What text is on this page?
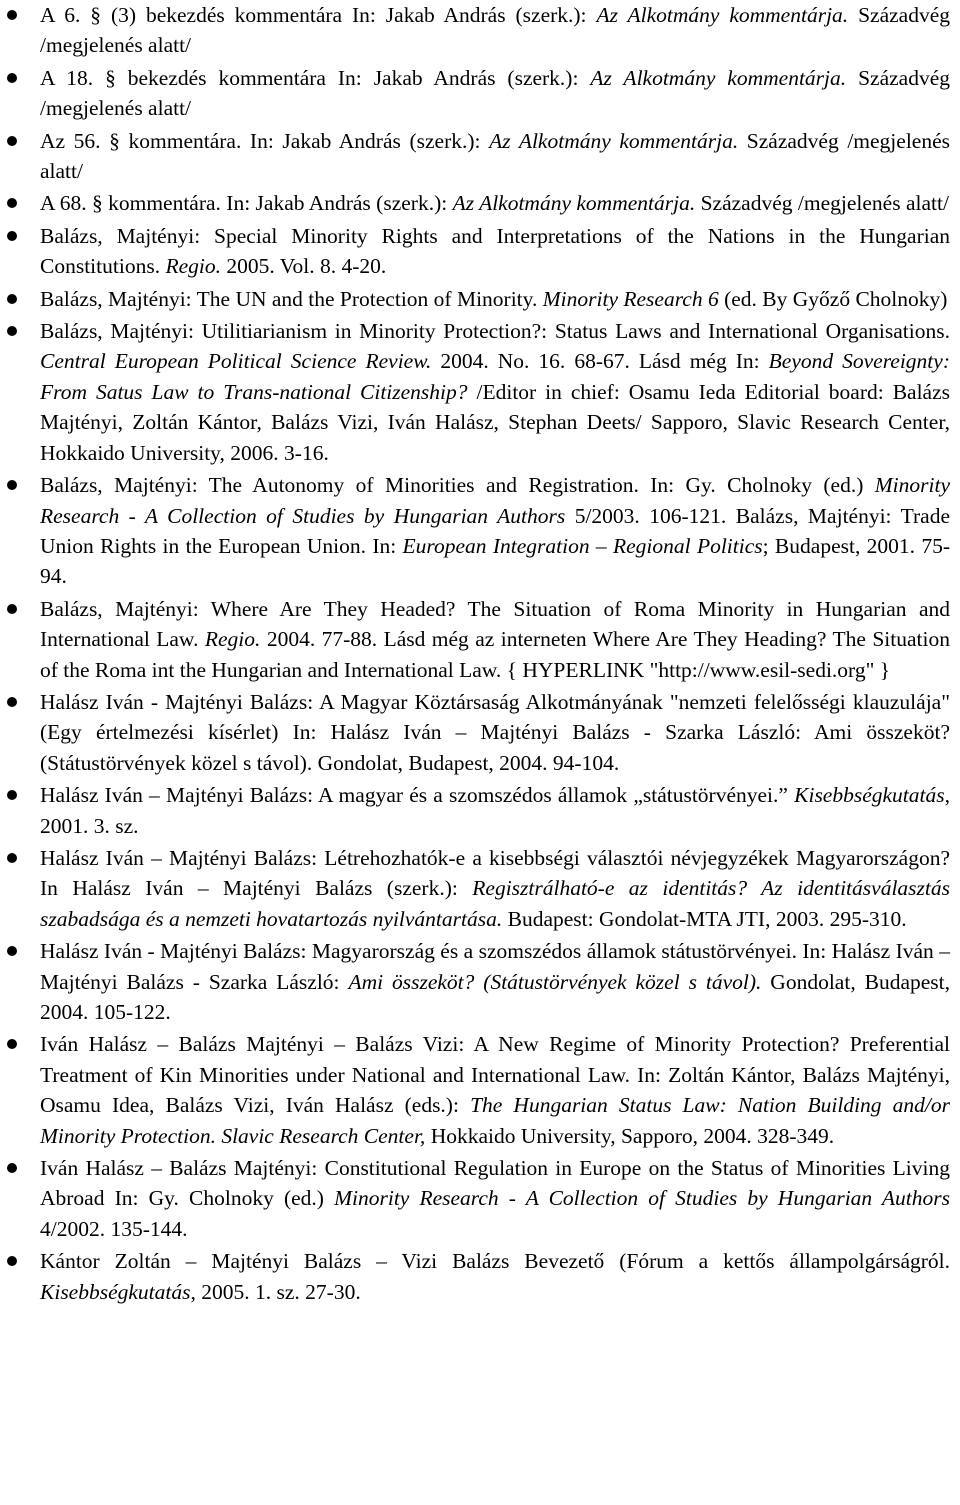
A 6. § (3) bekezdés kommentára In: Jakab András (szerk.): Az Alkotmány kommentárja. Századvég /megjelenés alatt/
A 18. § bekezdés kommentára In: Jakab András (szerk.): Az Alkotmány kommentárja. Századvég /megjelenés alatt/
Az 56. § kommentára. In: Jakab András (szerk.): Az Alkotmány kommentárja. Századvég /megjelenés alatt/
A 68. § kommentára. In: Jakab András (szerk.): Az Alkotmány kommentárja. Századvég /megjelenés alatt/
Balázs, Majtényi: Special Minority Rights and Interpretations of the Nations in the Hungarian Constitutions. Regio. 2005. Vol. 8. 4-20.
Balázs, Majtényi: The UN and the Protection of Minority. Minority Research 6 (ed. By Győző Cholnoky)
Balázs, Majtényi: Utilitiarianism in Minority Protection?: Status Laws and International Organisations. Central European Political Science Review. 2004. No. 16. 68-67. Lásd még In: Beyond Sovereignty: From Satus Law to Trans-national Citizenship? /Editor in chief: Osamu Ieda Editorial board: Balázs Majtényi, Zoltán Kántor, Balázs Vizi, Iván Halász, Stephan Deets/ Sapporo, Slavic Research Center, Hokkaido University, 2006. 3-16.
Balázs, Majtényi: The Autonomy of Minorities and Registration. In: Gy. Cholnoky (ed.) Minority Research - A Collection of Studies by Hungarian Authors 5/2003. 106-121. Balázs, Majtényi: Trade Union Rights in the European Union. In: European Integration – Regional Politics; Budapest, 2001. 75-94.
Balázs, Majtényi: Where Are They Headed? The Situation of Roma Minority in Hungarian and International Law. Regio. 2004. 77-88. Lásd még az interneten Where Are They Heading? The Situation of the Roma int the Hungarian and International Law. { HYPERLINK "http://www.esil-sedi.org" }
Halász Iván - Majtényi Balázs: A Magyar Köztársaság Alkotmányának "nemzeti felelősségi klauzulája" (Egy értelmezési kísérlet) In: Halász Iván – Majtényi Balázs - Szarka László: Ami összeköt? (Státustörvények közel s távol). Gondolat, Budapest, 2004. 94-104.
Halász Iván – Majtényi Balázs: A magyar és a szomszédos államok „státustörvényei.” Kisebbségkutatás, 2001. 3. sz.
Halász Iván – Majtényi Balázs: Létrehozhatók-e a kisebbségi választói névjegyzékek Magyarországon? In Halász Iván – Majtényi Balázs (szerk.): Regisztrálható-e az identitás? Az identitásválasztás szabadsága és a nemzeti hovatartozás nyilvántartása. Budapest: Gondolat-MTA JTI, 2003. 295-310.
Halász Iván - Majtényi Balázs: Magyarország és a szomszédos államok státustörvényei. In: Halász Iván – Majtényi Balázs - Szarka László: Ami összeköt? (Státustörvények közel s távol). Gondolat, Budapest, 2004. 105-122.
Iván Halász – Balázs Majtényi – Balázs Vizi: A New Regime of Minority Protection? Preferential Treatment of Kin Minorities under National and International Law. In: Zoltán Kántor, Balázs Majtényi, Osamu Idea, Balázs Vizi, Iván Halász (eds.): The Hungarian Status Law: Nation Building and/or Minority Protection. Slavic Research Center, Hokkaido University, Sapporo, 2004. 328-349.
Iván Halász – Balázs Majtényi: Constitutional Regulation in Europe on the Status of Minorities Living Abroad In: Gy. Cholnoky (ed.) Minority Research - A Collection of Studies by Hungarian Authors 4/2002. 135-144.
Kántor Zoltán – Majtényi Balázs – Vizi Balázs Bevezető (Fórum a kettős állampolgárságról. Kisebbségkutatás, 2005. 1. sz. 27-30.
